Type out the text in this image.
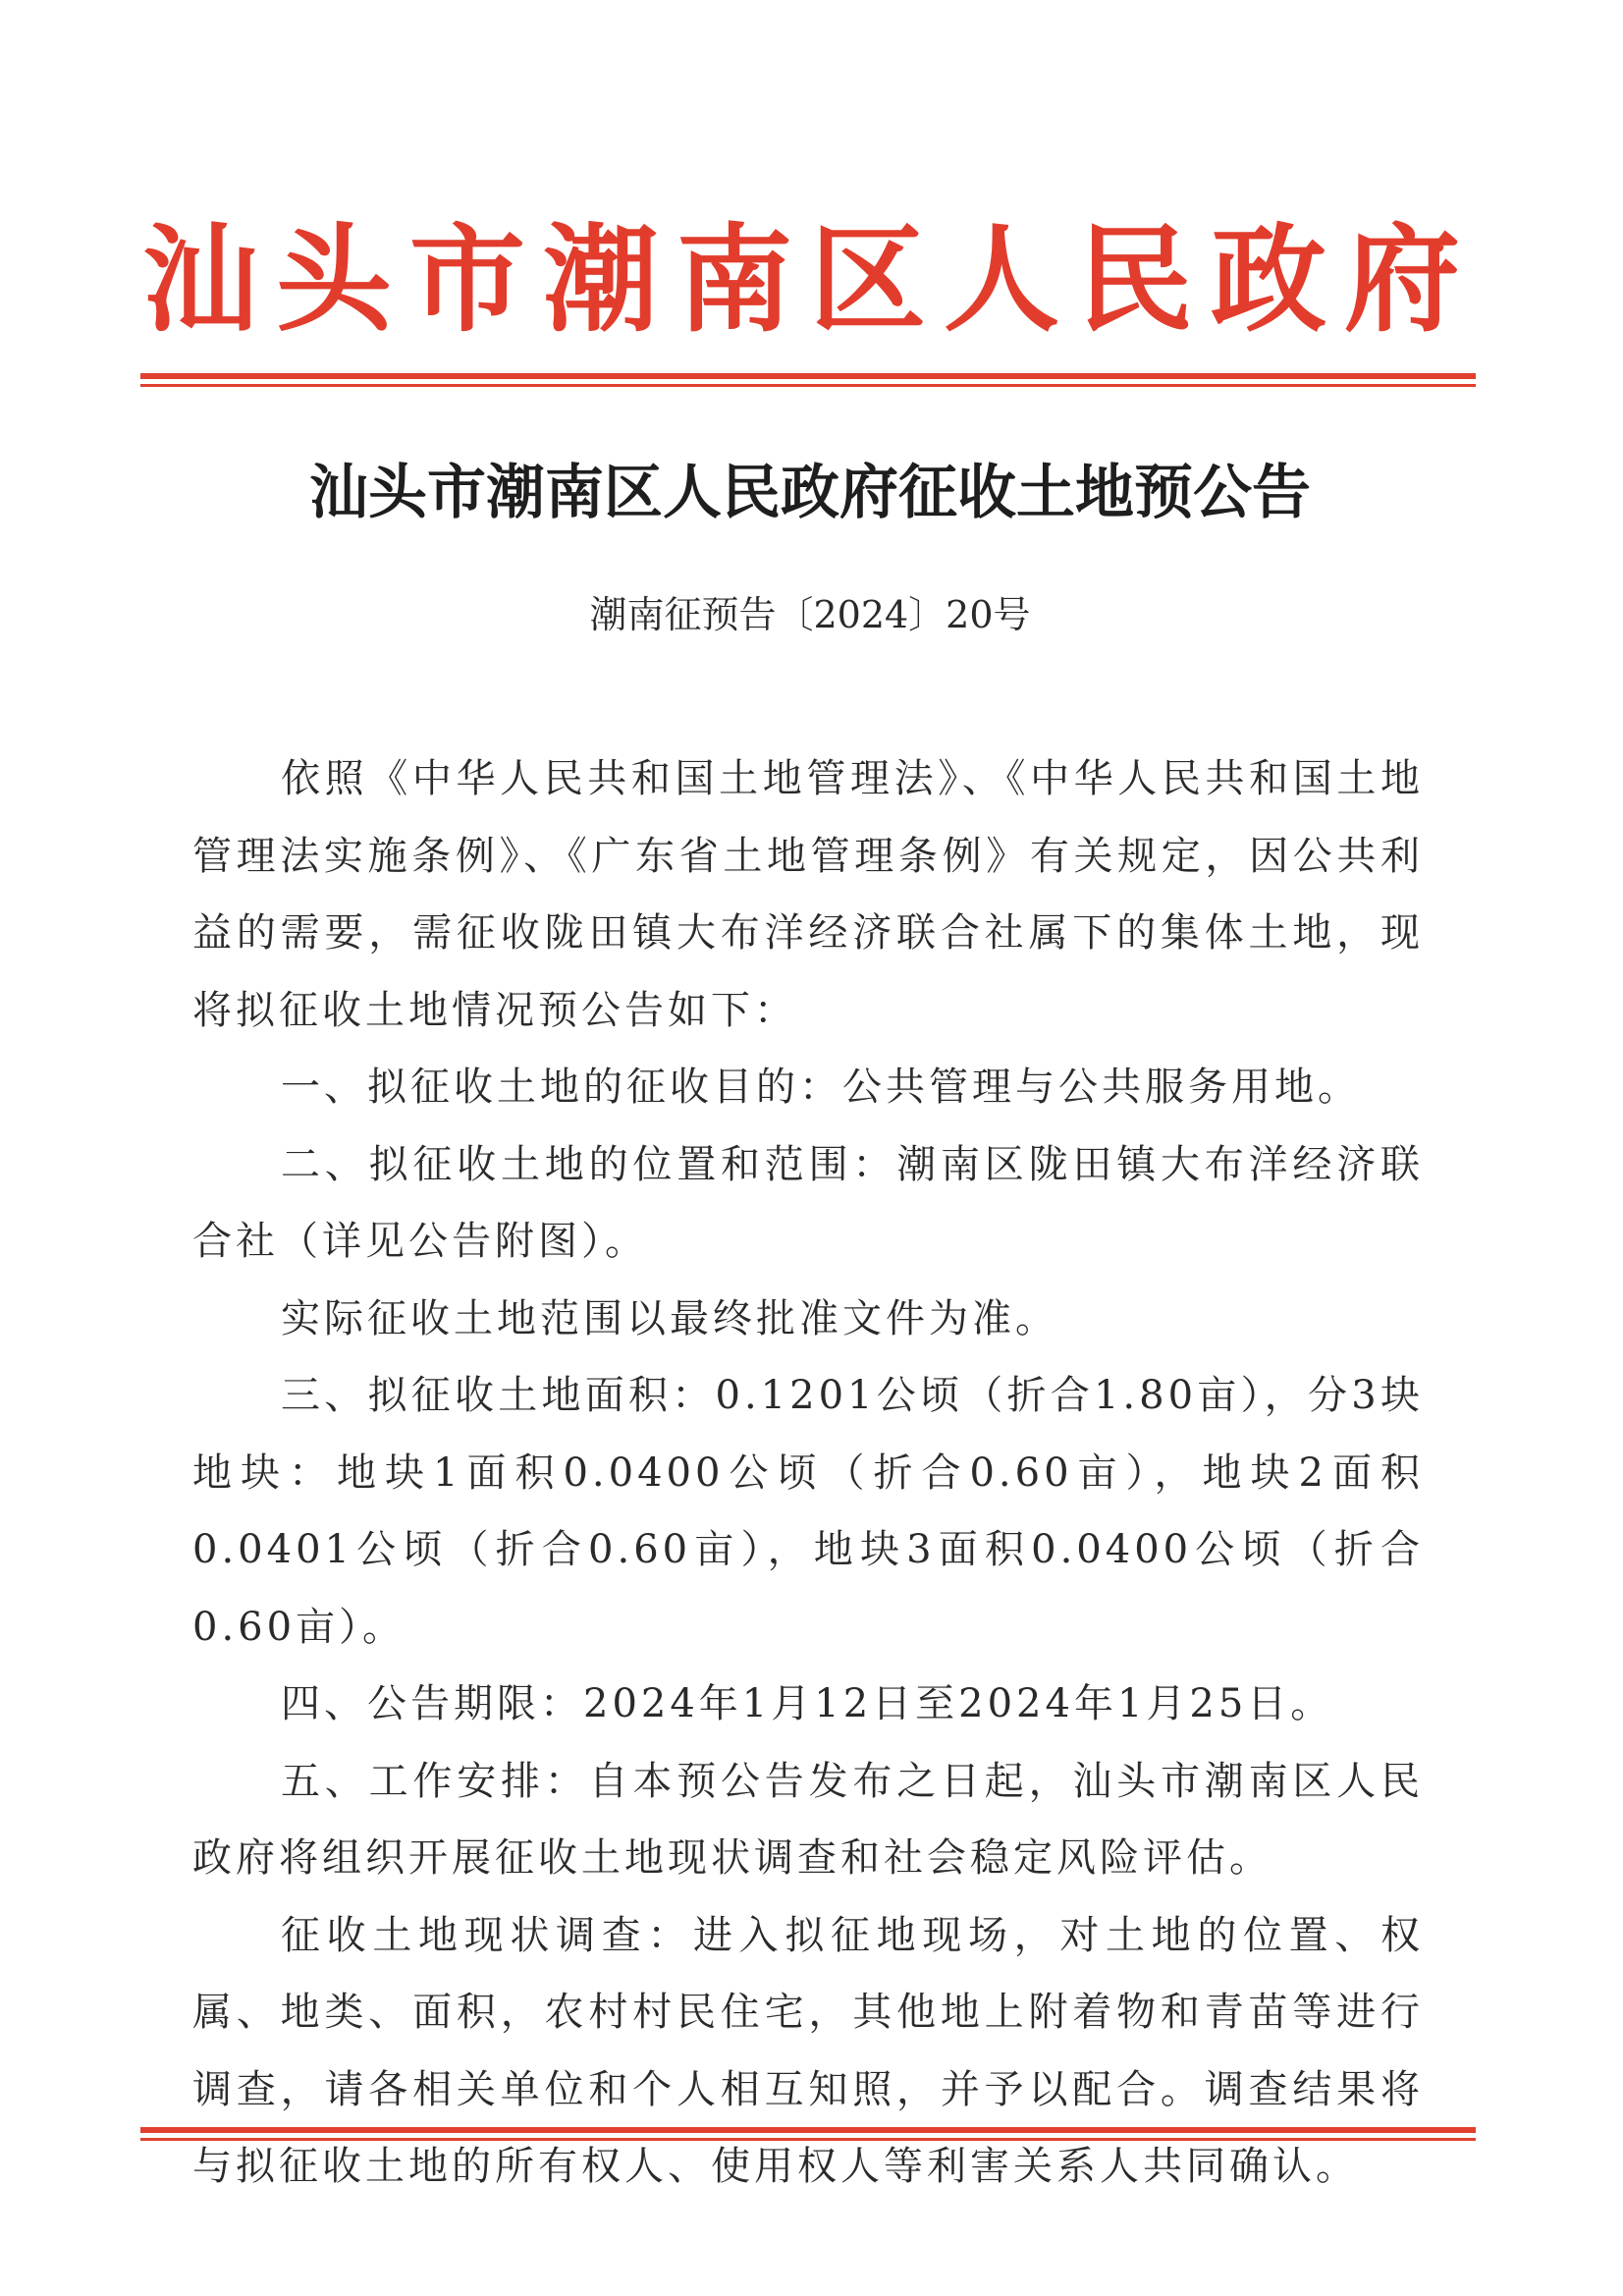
汕头市潮南区人民政府
汕头市潮南区人民政府征收土地预公告
潮南征预告〔2024〕20号

依照《中华人民共和国土地管理法》、《中华人民共和国土地管理法实施条例》、《广东省土地管理条例》有关规定，因公共利益的需要，需征收陇田镇大布洋经济联合社属下的集体土地，现将拟征收土地情况预公告如下：

一、拟征收土地的征收目的：公共管理与公共服务用地。

二、拟征收土地的位置和范围：潮南区陇田镇大布洋经济联合社（详见公告附图）。

实际征收土地范围以最终批准文件为准。

三、拟征收土地面积：0.1201公顷（折合1.80亩），分3块地块：地块1面积0.0400公顷（折合0.60亩），地块2面积0.0401公顷（折合0.60亩），地块3面积0.0400公顷（折合0.60亩）。

四、公告期限：2024年1月12日至2024年1月25日。

五、工作安排：自本预公告发布之日起，汕头市潮南区人民政府将组织开展征收土地现状调查和社会稳定风险评估。

征收土地现状调查：进入拟征地现场，对土地的位置、权属、地类、面积，农村村民住宅，其他地上附着物和青苗等进行调查，请各相关单位和个人相互知照，并予以配合。调查结果将与拟征收土地的所有权人、使用权人等利害关系人共同确认。
